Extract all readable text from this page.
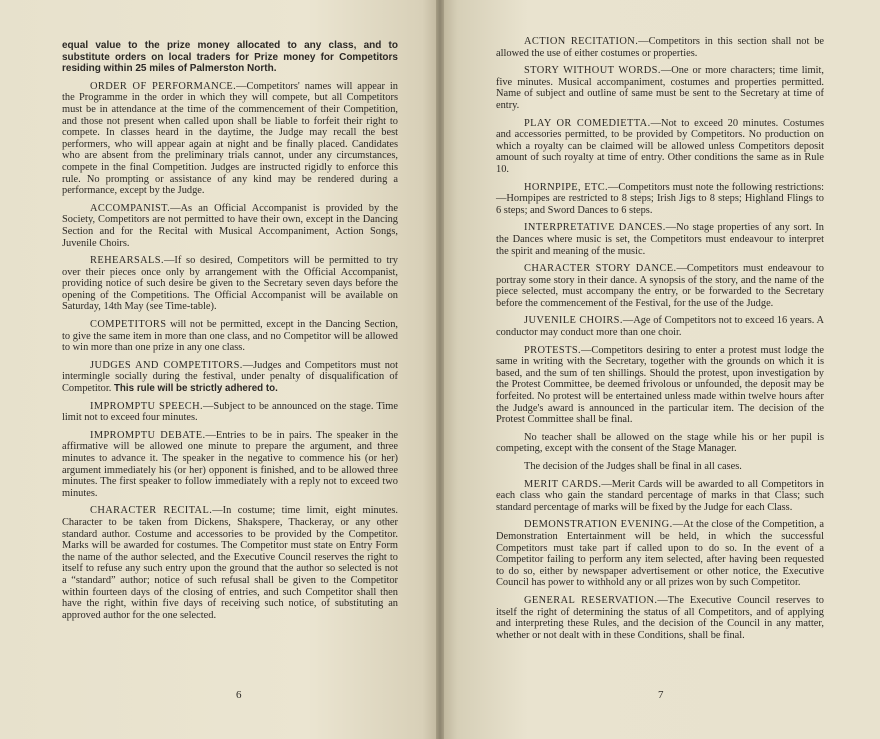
equal value to the prize money allocated to any class, and to substitute orders on local traders for Prize money for Competitors residing within 25 miles of Palmerston North.

ORDER OF PERFORMANCE.—Competitors' names will appear in the Programme in the order in which they will compete, but all Competitors must be in attendance at the time of the commencement of their Competition, and those not present when called upon shall be liable to forfeit their right to compete. In classes heard in the daytime, the Judge may recall the best performers, who will appear again at night and be finally placed. Candidates who are absent from the preliminary trials cannot, under any circumstances, compete in the final Competition. Judges are instructed rigidly to enforce this rule. No prompting or assistance of any kind may be rendered during a performance, except by the Judge.

ACCOMPANIST.—As an Official Accompanist is provided by the Society, Competitors are not permitted to have their own, except in the Dancing Section and for the Recital with Musical Accompaniment, Action Songs, Juvenile Choirs.

REHEARSALS.—If so desired, Competitors will be permitted to try over their pieces once only by arrangement with the Official Accompanist, providing notice of such desire be given to the Secretary seven days before the opening of the Competitions. The Official Accompanist will be available on Saturday, 14th May (see Time-table).

COMPETITORS will not be permitted, except in the Dancing Section, to give the same item in more than one class, and no Competitor will be allowed to win more than one prize in any one class.

JUDGES AND COMPETITORS.—Judges and Competitors must not intermingle socially during the festival, under penalty of disqualification of Competitor. This rule will be strictly adhered to.

IMPROMPTU SPEECH.—Subject to be announced on the stage. Time limit not to exceed four minutes.

IMPROMPTU DEBATE.—Entries to be in pairs. The speaker in the affirmative will be allowed one minute to prepare the argument, and three minutes to advance it. The speaker in the negative to commence his (or her) argument immediately his (or her) opponent is finished, and to be allowed three minutes. The first speaker to follow immediately with a reply not to exceed two minutes.

CHARACTER RECITAL.—In costume; time limit, eight minutes. Character to be taken from Dickens, Shakspere, Thackeray, or any other standard author. Costume and accessories to be provided by the Competitor. Marks will be awarded for costumes. The Competitor must state on Entry Form the name of the author selected, and the Executive Council reserves the right to itself to refuse any such entry upon the ground that the author so selected is not a “standard” author; notice of such refusal shall be given to the Competitor within fourteen days of the closing of entries, and such Competitor shall then have the right, within five days of receiving such notice, of substituting an approved author for the one selected.

6

ACTION RECITATION.—Competitors in this section shall not be allowed the use of either costumes or properties.

STORY WITHOUT WORDS.—One or more characters; time limit, five minutes. Musical accompaniment, costumes and properties permitted. Name of subject and outline of same must be sent to the Secretary at time of entry.

PLAY OR COMEDIETTA.—Not to exceed 20 minutes. Costumes and accessories permitted, to be provided by Competitors. No production on which a royalty can be claimed will be allowed unless Competitors deposit amount of such royalty at time of entry. Other conditions the same as in Rule 10.

HORNPIPE, ETC.—Competitors must note the following restrictions:—Hornpipes are restricted to 8 steps; Irish Jigs to 8 steps; Highland Flings to 6 steps; and Sword Dances to 6 steps.

INTERPRETATIVE DANCES.—No stage properties of any sort. In the Dances where music is set, the Competitors must endeavour to interpret the spirit and meaning of the music.

CHARACTER STORY DANCE.—Competitors must endeavour to portray some story in their dance. A synopsis of the story, and the name of the piece selected, must accompany the entry, or be forwarded to the Secretary before the commencement of the Festival, for the use of the Judge.

JUVENILE CHOIRS.—Age of Competitors not to exceed 16 years. A conductor may conduct more than one choir.

PROTESTS.—Competitors desiring to enter a protest must lodge the same in writing with the Secretary, together with the grounds on which it is based, and the sum of ten shillings. Should the protest, upon investigation by the Protest Committee, be deemed frivolous or unfounded, the deposit may be forfeited. No protest will be entertained unless made within twelve hours after the Judge's award is announced in the particular item. The decision of the Protest Committee shall be final.

No teacher shall be allowed on the stage while his or her pupil is competing, except with the consent of the Stage Manager.

The decision of the Judges shall be final in all cases.

MERIT CARDS.—Merit Cards will be awarded to all Competitors in each class who gain the standard percentage of marks in that Class; such standard percentage of marks will be fixed by the Judge for each Class.

DEMONSTRATION EVENING.—At the close of the Competition, a Demonstration Entertainment will be held, in which the successful Competitors must take part if called upon to do so. In the event of a Competitor failing to perform any item selected, after having been requested to do so, either by newspaper advertisement or other notice, the Executive Council has power to withhold any or all prizes won by such Competitor.

GENERAL RESERVATION.—The Executive Council reserves to itself the right of determining the status of all Competitors, and of applying and interpreting these Rules, and the decision of the Council in any matter, whether or not dealt with in these Conditions, shall be final.

7
